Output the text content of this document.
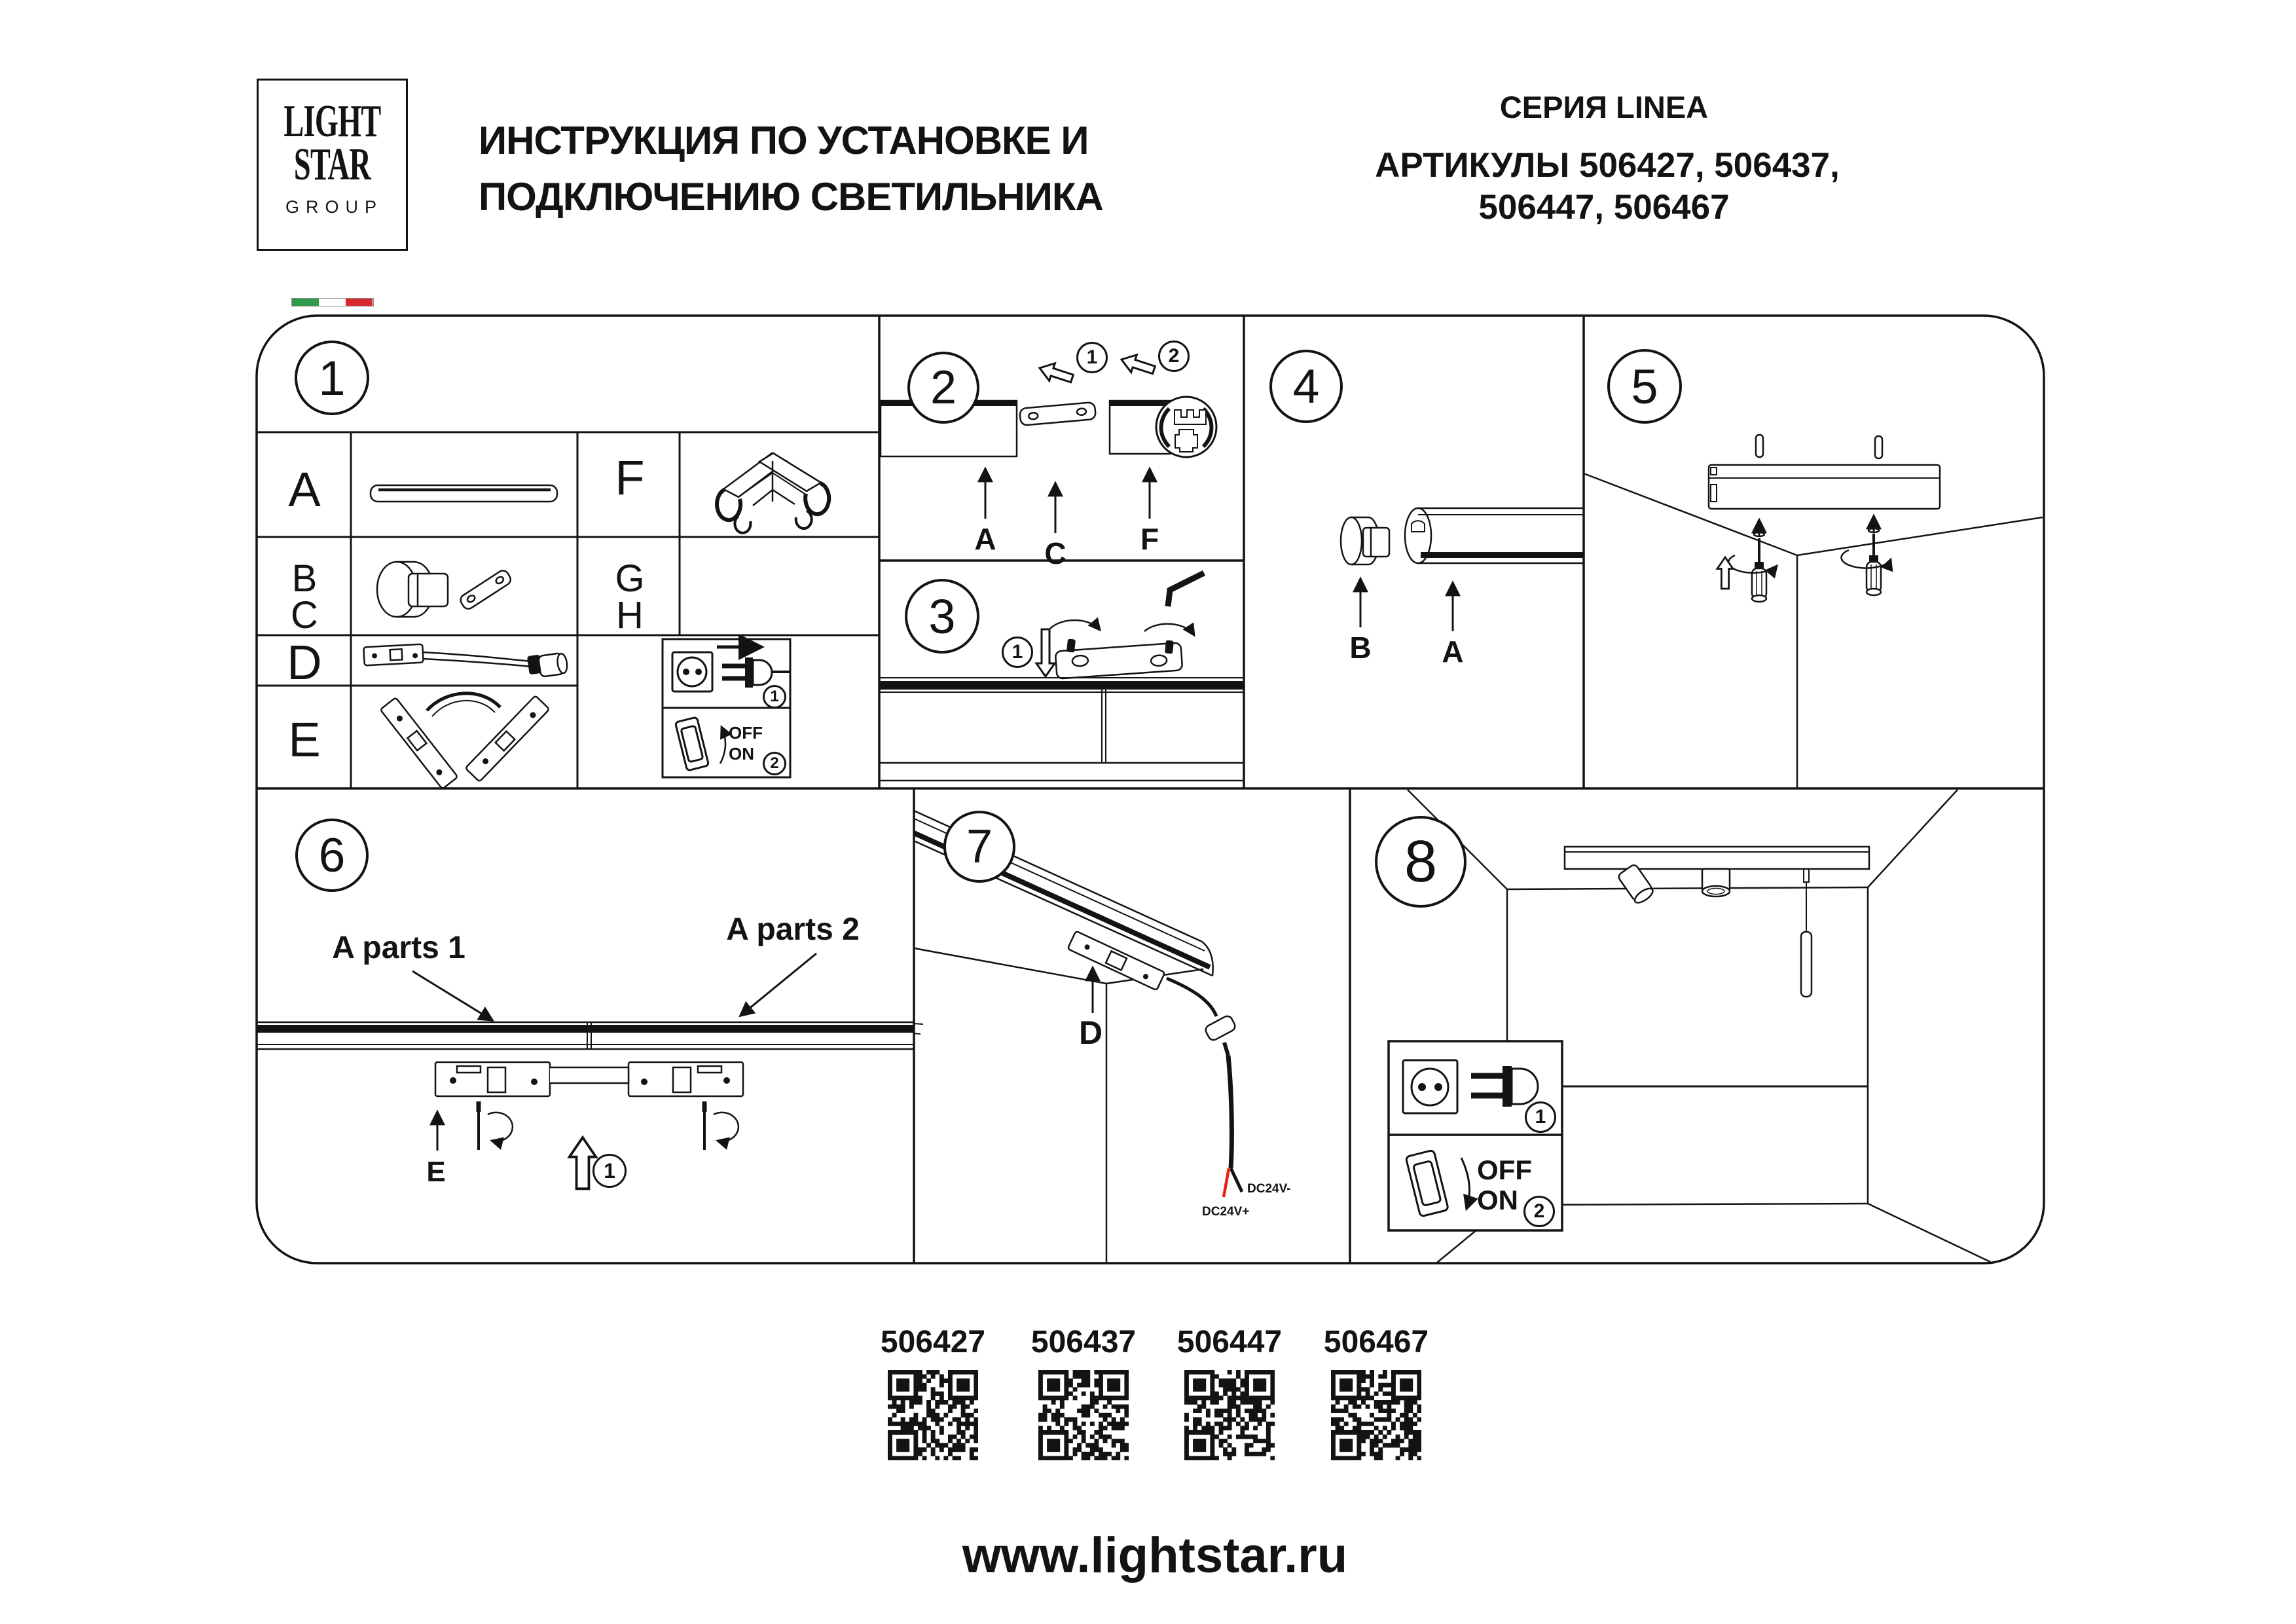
LIGHT
STAR
GROUP
ИНСТРУКЦИЯ ПО УСТАНОВКЕ И
ПОДКЛЮЧЕНИЮ СВЕТИЛЬНИКА
СЕРИЯ LINEA
АРТИКУЛЫ 506427, 506437,
506447, 506467
1	2
3
4	5
6	7	8
A
B
C
D
E
F
G
H
1
2
OFF
ON
1	2
A C F
1	B A
A parts 1
A parts 2
E	1
D
DC24V-
DC24V+
1
2
OFF
ON
506427 506437 506447 506467
www.lightstar.ru
